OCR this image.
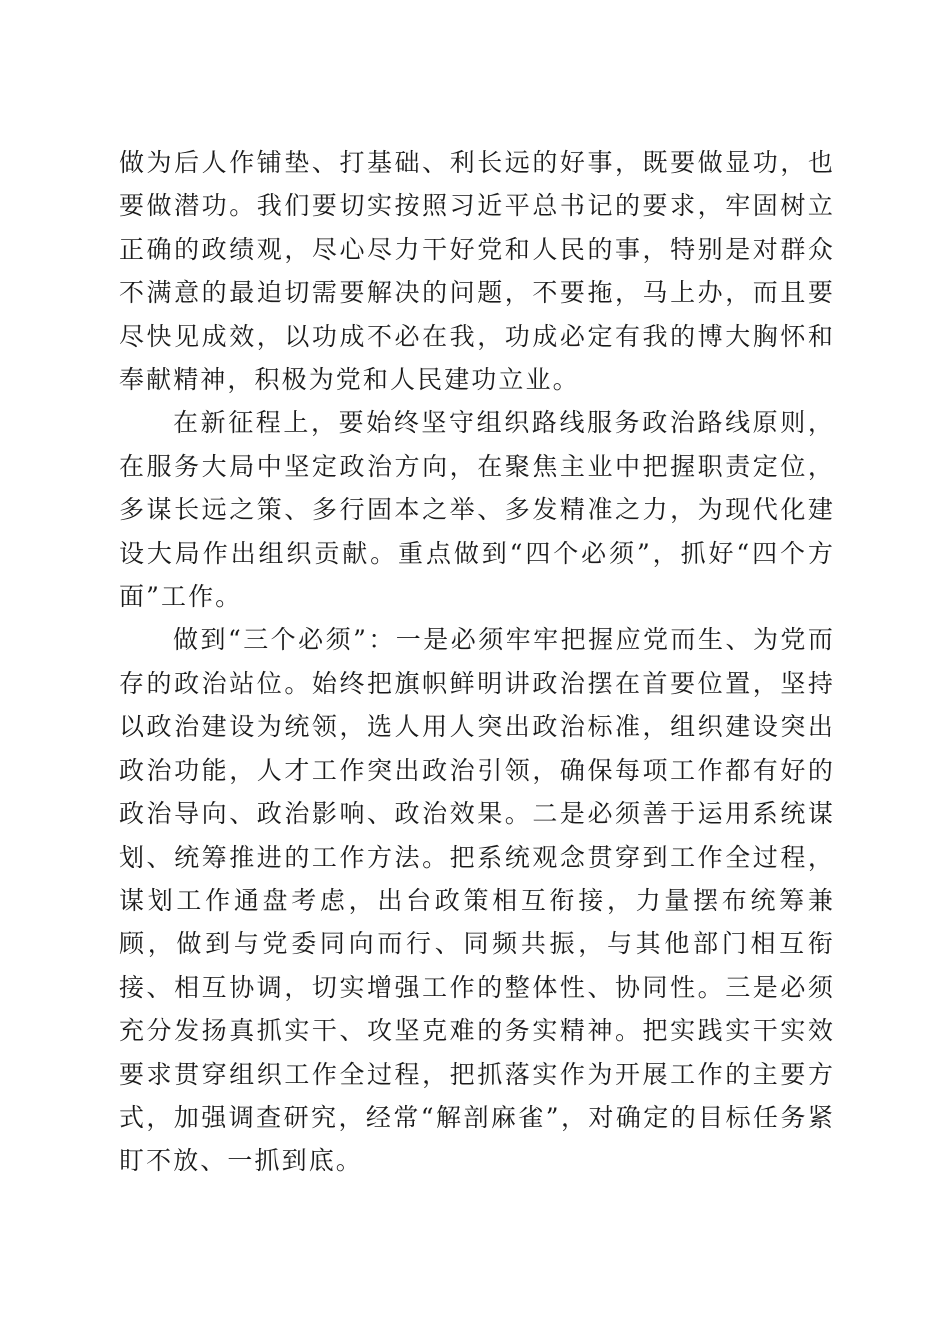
做为后人作铺垫、打基础、利长远的好事，既要做显功，也要做潜功。我们要切实按照习近平总书记的要求，牢固树立正确的政绩观，尽心尽力干好党和人民的事，特别是对群众不满意的最迫切需要解决的问题，不要拖，马上办，而且要尽快见成效，以功成不必在我，功成必定有我的博大胸怀和奉献精神，积极为党和人民建功立业。

在新征程上，要始终坚守组织路线服务政治路线原则，在服务大局中坚定政治方向，在聚焦主业中把握职责定位，多谋长远之策、多行固本之举、多发精准之力，为现代化建设大局作出组织贡献。重点做到“四个必须”，抓好“四个方面”工作。

做到“三个必须”：一是必须牢牢把握应党而生、为党而存的政治站位。始终把旗帜鲜明讲政治摆在首要位置，坚持以政治建设为统领，选人用人突出政治标准，组织建设突出政治功能，人才工作突出政治引领，确保每项工作都有好的政治导向、政治影响、政治效果。二是必须善于运用系统谋划、统筹推进的工作方法。把系统观念贯穿到工作全过程，谋划工作通盘考虑，出台政策相互衔接，力量摆布统筹兼顾，做到与党委同向而行、同频共振，与其他部门相互衔接、相互协调，切实增强工作的整体性、协同性。三是必须充分发扬真抓实干、攻坚克难的务实精神。把实践实干实效要求贯穿组织工作全过程，把抓落实作为开展工作的主要方式，加强调查研究，经常“解剖麻雀”，对确定的目标任务紧盯不放、一抓到底。
